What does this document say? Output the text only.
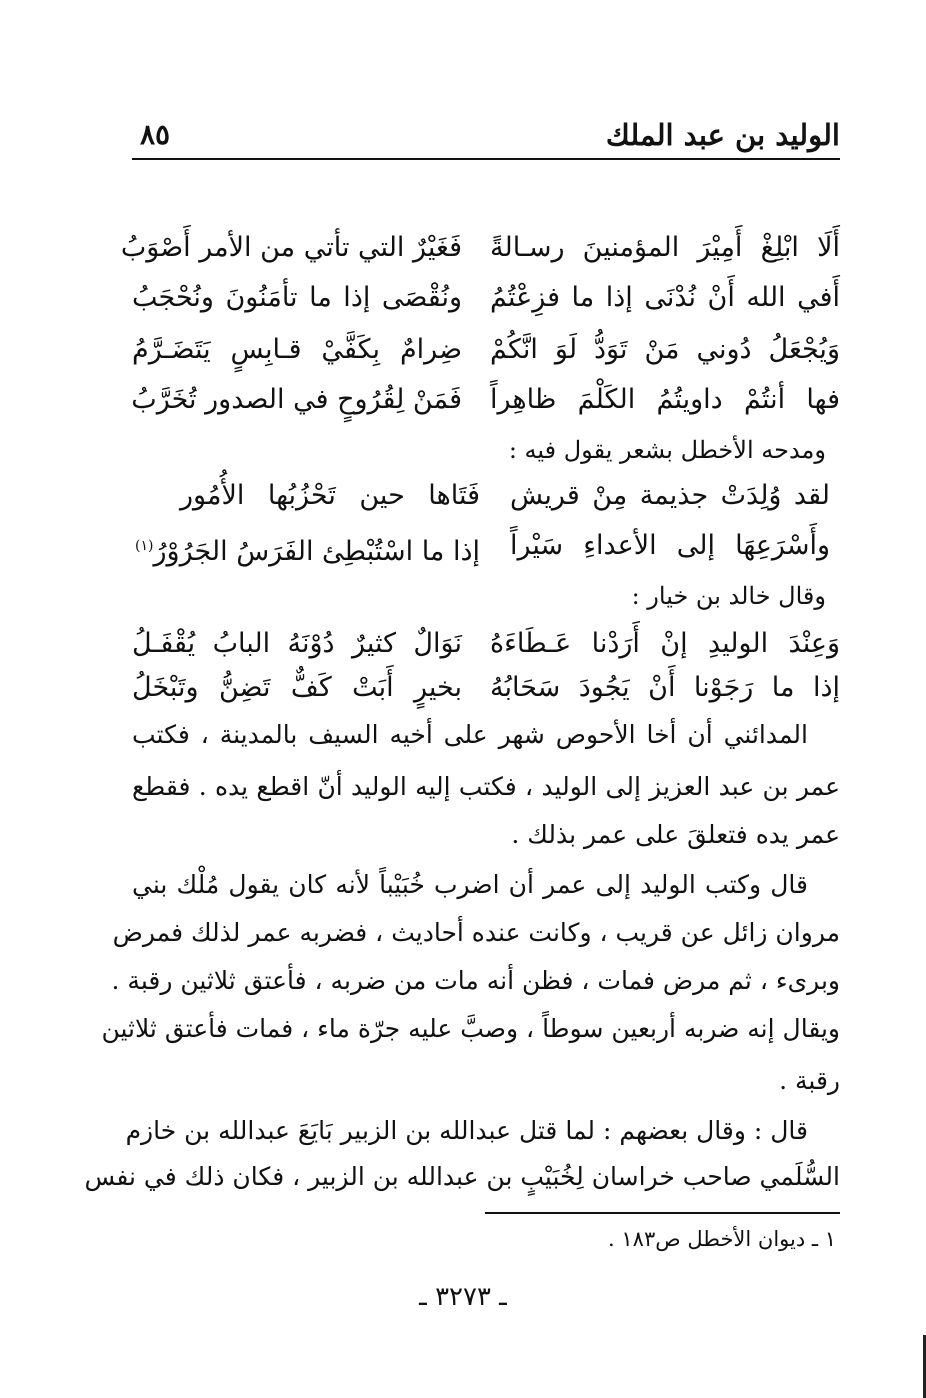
الوليد بن عبد الملك
٨٥
أَلَا ابْلِغْ أَمِيْرَ المؤمنينَ رسـالةً
فَغَيْرٌ التي تأتي من الأمر أَصْوَبُ
أَفي الله أَنْ نُدْنَى إذا ما فزِعْتُمُ
ونُقْصَى إذا ما تأمَنُونَ ونُحْجَبُ
وَيُجْعَلُ دُوني مَنْ تَوَدُّ لَوَ انَّكُمْ
ضِرامٌ بِكَفَّيْ قـابِسٍ يَتَضَـرَّمُ
فها أنتُمْ داويتُمُ الكَلْمَ ظاهِراً
فَمَنْ لِقُرُوحٍ في الصدور تُخَرَّبُ
ومدحه الأخطل بشعر يقول فيه :
لقد وُلِدَتْ جذيمة مِنْ قريش
فَتَاها حين تَحْزُبُها الأُمُور
وأَسْرَعِهَا إلى الأعداءِ سَيْراً
إذا ما اسْتُبْطِئ الفَرَسُ الجَرُوْرُ$^{(١)}$
وقال خالد بن خيار :
وَعِنْدَ الوليدِ إنْ أَرَدْنا عَـطَاءَهُ
نَوَالٌ كثيرٌ دُوْنَهُ البابُ يُقْفَـلُ
إذا ما رَجَوْنا أَنْ يَجُودَ سَحَابُهُ
بخيرٍ أَبَتْ كَفٌّ تَضِنُّ وتَبْخَلُ
المدائني أن أخا الأحوص شهر على أخيه السيف بالمدينة ، فكتب
عمر بن عبد العزيز إلى الوليد ، فكتب إليه الوليد أنّ اقطع يده . فقطع
عمر يده فتعلقَ على عمر بذلك .
قال وكتب الوليد إلى عمر أن اضرب خُبَيْباً لأنه كان يقول مُلْك بني
مروان زائل عن قريب ، وكانت عنده أحاديث ، فضربه عمر لذلك فمرض
وبرىء ، ثم مرض فمات ، فظن أنه مات من ضربه ، فأعتق ثلاثين رقبة .
ويقال إنه ضربه أربعين سوطاً ، وصبَّ عليه جرّة ماء ، فمات فأعتق ثلاثين
رقبة .
قال : وقال بعضهم : لما قتل عبدالله بن الزبير بَايَعَ عبدالله بن خازم
السُّلَمي صاحب خراسان لِخُبَيْبٍ بن عبدالله بن الزبير ، فكان ذلك في نفس
١ ـ ديوان الأخطل ص١٨٣ .
ـ ٣٢٧٣ ـ
